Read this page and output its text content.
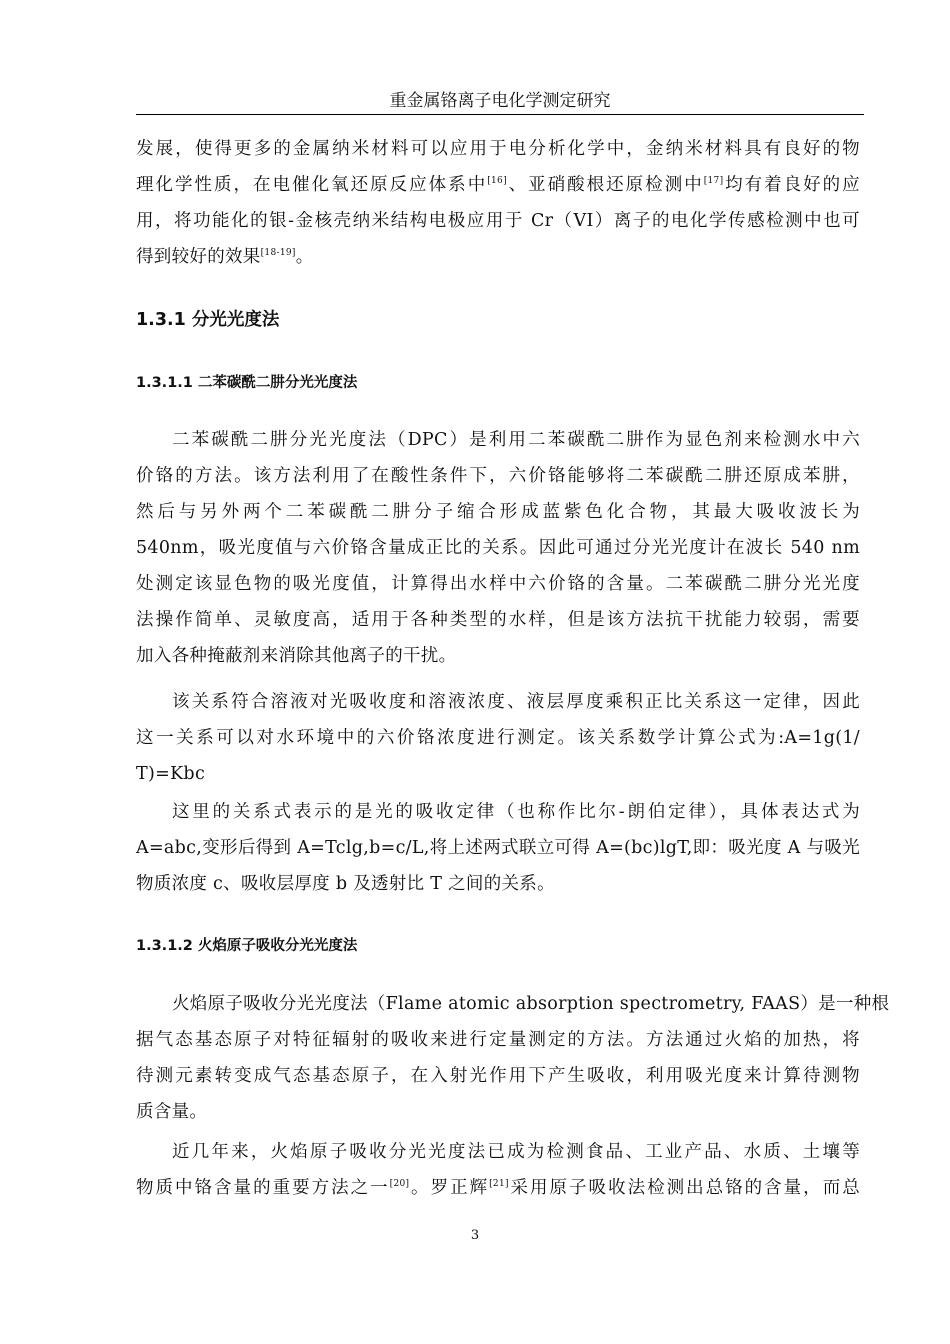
重金属铬离子电化学测定研究
发展，使得更多的金属纳米材料可以应用于电分析化学中，金纳米材料具有良好的物
理化学性质，在电催化氧还原反应体系中[16]、亚硝酸根还原检测中[17]均有着良好的应
用，将功能化的银-金核壳纳米结构电极应用于 Cr（VI）离子的电化学传感检测中也可
得到较好的效果[18-19]。
1.3.1 分光光度法
1.3.1.1 二苯碳酰二肼分光光度法
二苯碳酰二肼分光光度法（DPC）是利用二苯碳酰二肼作为显色剂来检测水中六
价铬的方法。该方法利用了在酸性条件下，六价铬能够将二苯碳酰二肼还原成苯肼，
然后与另外两个二苯碳酰二肼分子缩合形成蓝紫色化合物，其最大吸收波长为
540nm，吸光度值与六价铬含量成正比的关系。因此可通过分光光度计在波长 540 nm
处测定该显色物的吸光度值，计算得出水样中六价铬的含量。二苯碳酰二肼分光光度
法操作简单、灵敏度高，适用于各种类型的水样，但是该方法抗干扰能力较弱，需要
加入各种掩蔽剂来消除其他离子的干扰。
该关系符合溶液对光吸收度和溶液浓度、液层厚度乘积正比关系这一定律，因此
这一关系可以对水环境中的六价铬浓度进行测定。该关系数学计算公式为:A=1g(1/
T)=Kbc
这里的关系式表示的是光的吸收定律（也称作比尔-朗伯定律），具体表达式为
A=abc,变形后得到 A=Tclg,b=c/L,将上述两式联立可得 A=(bc)lgT,即：吸光度 A 与吸光
物质浓度 c、吸收层厚度 b 及透射比 T 之间的关系。
1.3.1.2 火焰原子吸收分光光度法
火焰原子吸收分光光度法（Flame atomic absorption spectrometry, FAAS）是一种根
据气态基态原子对特征辐射的吸收来进行定量测定的方法。方法通过火焰的加热，将
待测元素转变成气态基态原子，在入射光作用下产生吸收，利用吸光度来计算待测物
质含量。
近几年来，火焰原子吸收分光光度法已成为检测食品、工业产品、水质、土壤等
物质中铬含量的重要方法之一[20]。罗正辉[21]采用原子吸收法检测出总铬的含量，而总
3
